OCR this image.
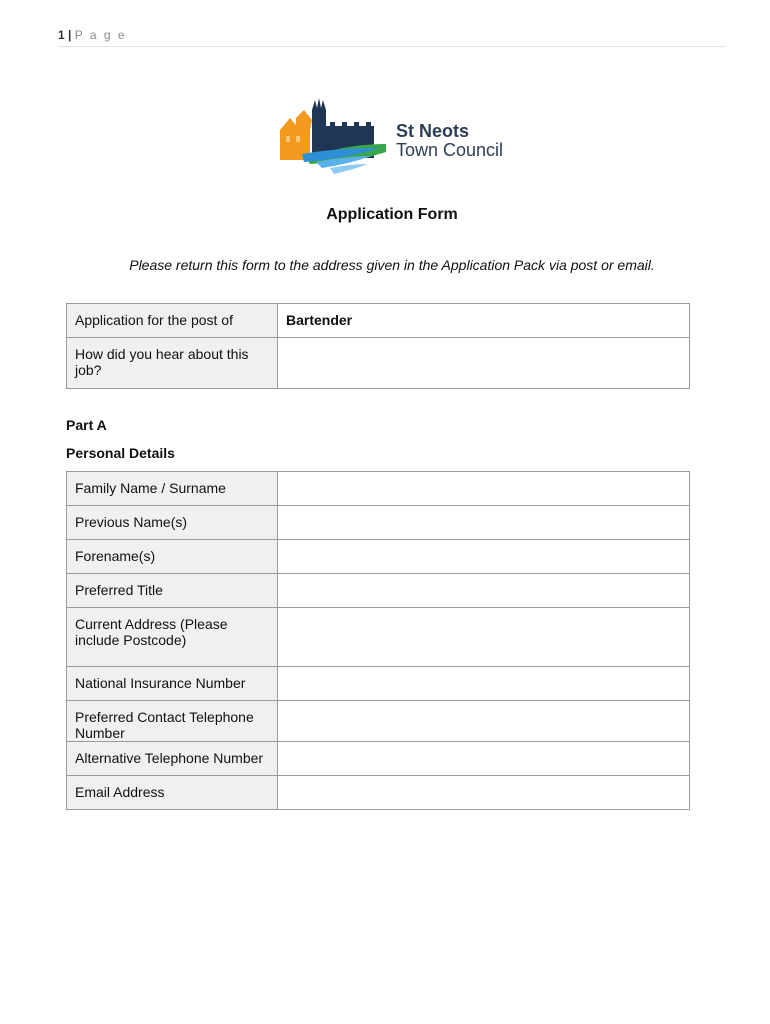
1 | P a g e
St Neots
Town Council
Application Form
Please return this form to the address given in the Application Pack via post or email.
Application for the post of	Bartender
How did you hear about this job?	
Part A
Personal Details
Family Name / Surname	
Previous Name(s)	
Forename(s)	
Preferred Title	
Current Address (Please include Postcode)	
National Insurance Number	
Preferred Contact Telephone Number	
Alternative Telephone Number	
Email Address	
